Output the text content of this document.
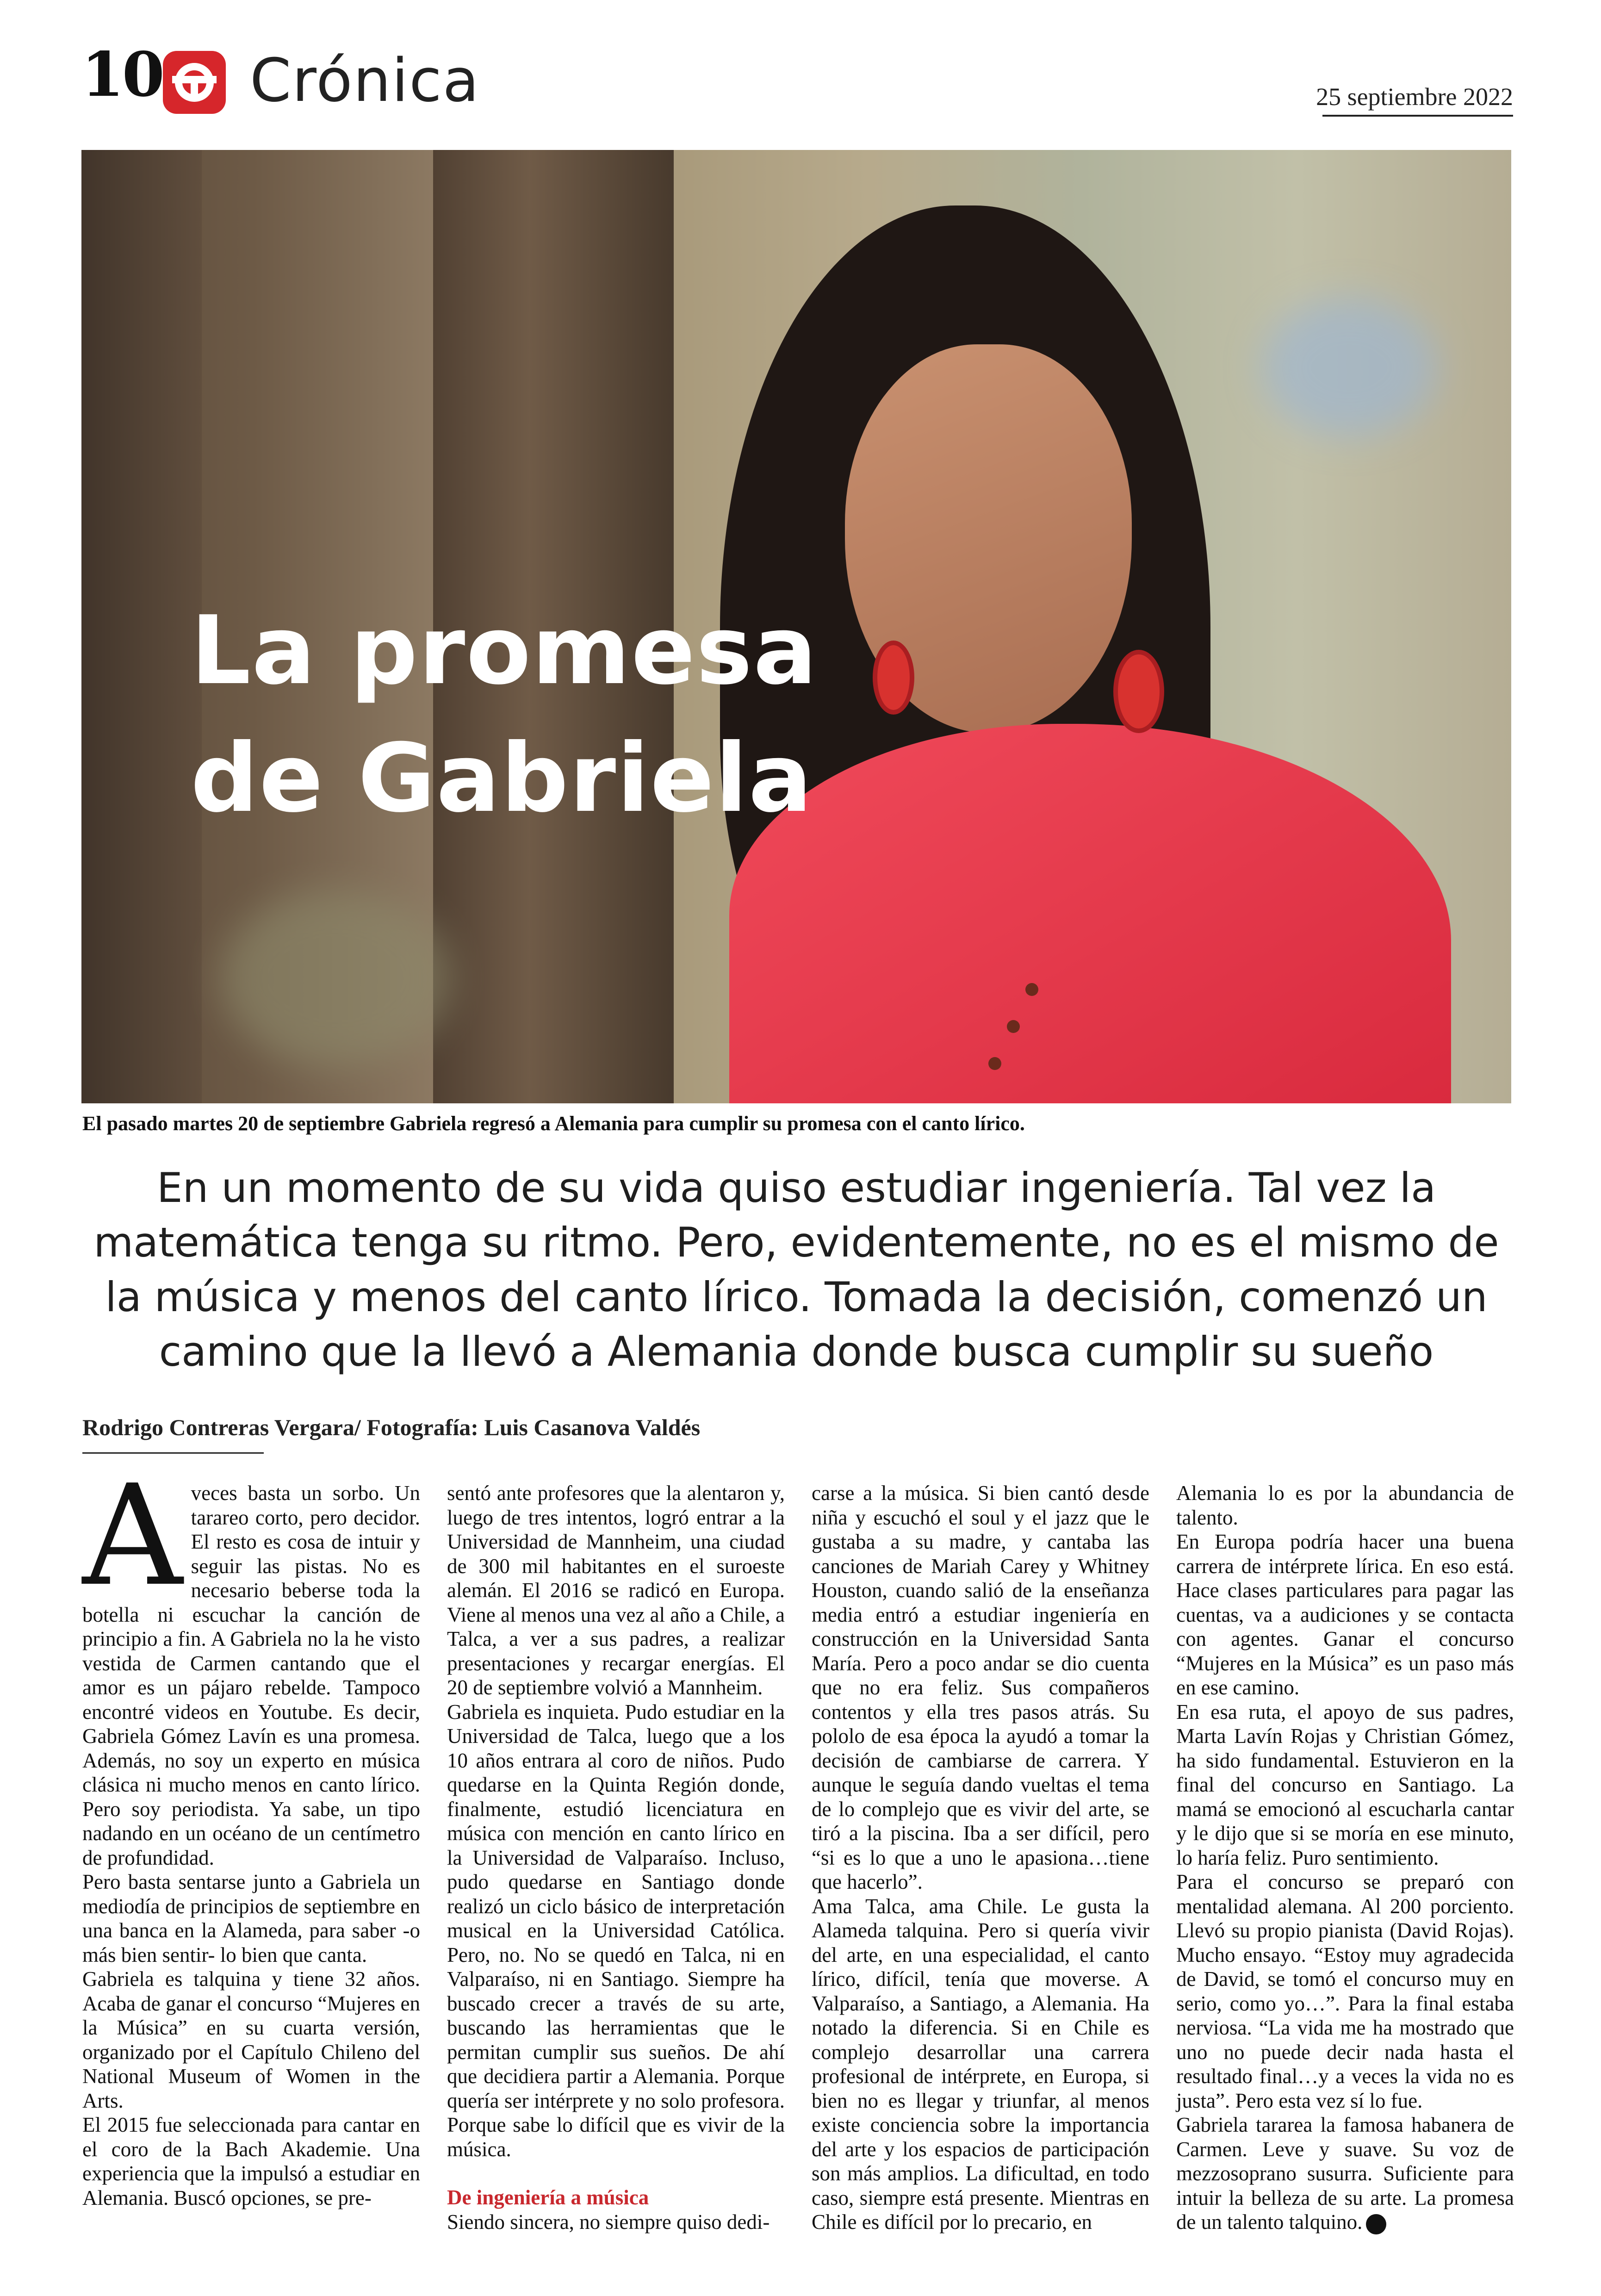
10 Crónica	25 septiembre 2022
La promesa
de Gabriela
El pasado martes 20 de septiembre Gabriela regresó a Alemania para cumplir su promesa con el canto lírico.
En un momento de su vida quiso estudiar ingeniería. Tal vez la
matemática tenga su ritmo. Pero, evidentemente, no es el mismo de
la música y menos del canto lírico. Tomada la decisión, comenzó un
camino que la llevó a Alemania donde busca cumplir su sueño
Rodrigo Contreras Vergara/ Fotografía: Luis Casanova Valdés

Aveces basta un sorbo. Un tarareo corto, pero decidor. El resto es cosa de intuir y seguir las pistas. No es necesario beberse toda la botella ni escuchar la canción de principio a fin. A Gabriela no la he visto vestida de Carmen cantando que el amor es un pájaro rebelde. Tampoco encontré videos en Youtube. Es decir, Gabriela Gómez Lavín es una promesa. Además, no soy un experto en música clásica ni mucho menos en canto lírico. Pero soy periodista. Ya sabe, un tipo nadando en un océano de un centímetro de profundidad.

Pero basta sentarse junto a Gabriela un mediodía de principios de septiembre en una banca en la Alameda, para saber -o más bien sentir- lo bien que canta.

Gabriela es talquina y tiene 32 años. Acaba de ganar el concurso “Mujeres en la Música” en su cuarta versión, organizado por el Capítulo Chileno del National Museum of Women in the Arts.

El 2015 fue seleccionada para cantar en el coro de la Bach Akademie. Una experiencia que la impulsó a estudiar en Alemania. Buscó opciones, se pre-

sentó ante profesores que la alentaron y, luego de tres intentos, logró entrar a la Universidad de Mannheim, una ciudad de 300 mil habitantes en el suroeste alemán. El 2016 se radicó en Europa. Viene al menos una vez al año a Chile, a Talca, a ver a sus padres, a realizar presentaciones y recargar energías. El 20 de septiembre volvió a Mannheim.

Gabriela es inquieta. Pudo estudiar en la Universidad de Talca, luego que a los 10 años entrara al coro de niños. Pudo quedarse en la Quinta Región donde, finalmente, estudió licenciatura en música con mención en canto lírico en la Universidad de Valparaíso. Incluso, pudo quedarse en Santiago donde realizó un ciclo básico de interpretación musical en la Universidad Católica. Pero, no. No se quedó en Talca, ni en Valparaíso, ni en Santiago. Siempre ha buscado crecer a través de su arte, buscando las herramientas que le permitan cumplir sus sueños. De ahí que decidiera partir a Alemania. Porque quería ser intérprete y no solo profesora. Porque sabe lo difícil que es vivir de la música.

De ingeniería a música

Siendo sincera, no siempre quiso dedi-

carse a la música. Si bien cantó desde niña y escuchó el soul y el jazz que le gustaba a su madre, y cantaba las canciones de Mariah Carey y Whitney Houston, cuando salió de la enseñanza media entró a estudiar ingeniería en construcción en la Universidad Santa María. Pero a poco andar se dio cuenta que no era feliz. Sus compañeros contentos y ella tres pasos atrás. Su pololo de esa época la ayudó a tomar la decisión de cambiarse de carrera. Y aunque le seguía dando vueltas el tema de lo complejo que es vivir del arte, se tiró a la piscina. Iba a ser difícil, pero “si es lo que a uno le apasiona…tiene que hacerlo”.

Ama Talca, ama Chile. Le gusta la Alameda talquina. Pero si quería vivir del arte, en una especialidad, el canto lírico, difícil, tenía que moverse. A Valparaíso, a Santiago, a Alemania. Ha notado la diferencia. Si en Chile es complejo desarrollar una carrera profesional de intérprete, en Europa, si bien no es llegar y triunfar, al menos existe conciencia sobre la importancia del arte y los espacios de participación son más amplios. La dificultad, en todo caso, siempre está presente. Mientras en Chile es difícil por lo precario, en

Alemania lo es por la abundancia de talento.

En Europa podría hacer una buena carrera de intérprete lírica. En eso está. Hace clases particulares para pagar las cuentas, va a audiciones y se contacta con agentes. Ganar el concurso “Mujeres en la Música” es un paso más en ese camino.

En esa ruta, el apoyo de sus padres, Marta Lavín Rojas y Christian Gómez, ha sido fundamental. Estuvieron en la final del concurso en Santiago. La mamá se emocionó al escucharla cantar y le dijo que si se moría en ese minuto, lo haría feliz. Puro sentimiento.

Para el concurso se preparó con mentalidad alemana. Al 200 porciento. Llevó su propio pianista (David Rojas). Mucho ensayo. “Estoy muy agradecida de David, se tomó el concurso muy en serio, como yo…”. Para la final estaba nerviosa. “La vida me ha mostrado que uno no puede decir nada hasta el resultado final…y a veces la vida no es justa”. Pero esta vez sí lo fue.

Gabriela tararea la famosa habanera de Carmen. Leve y suave. Su voz de mezzosoprano susurra. Suficiente para intuir la belleza de su arte. La promesa de un talento talquino.
